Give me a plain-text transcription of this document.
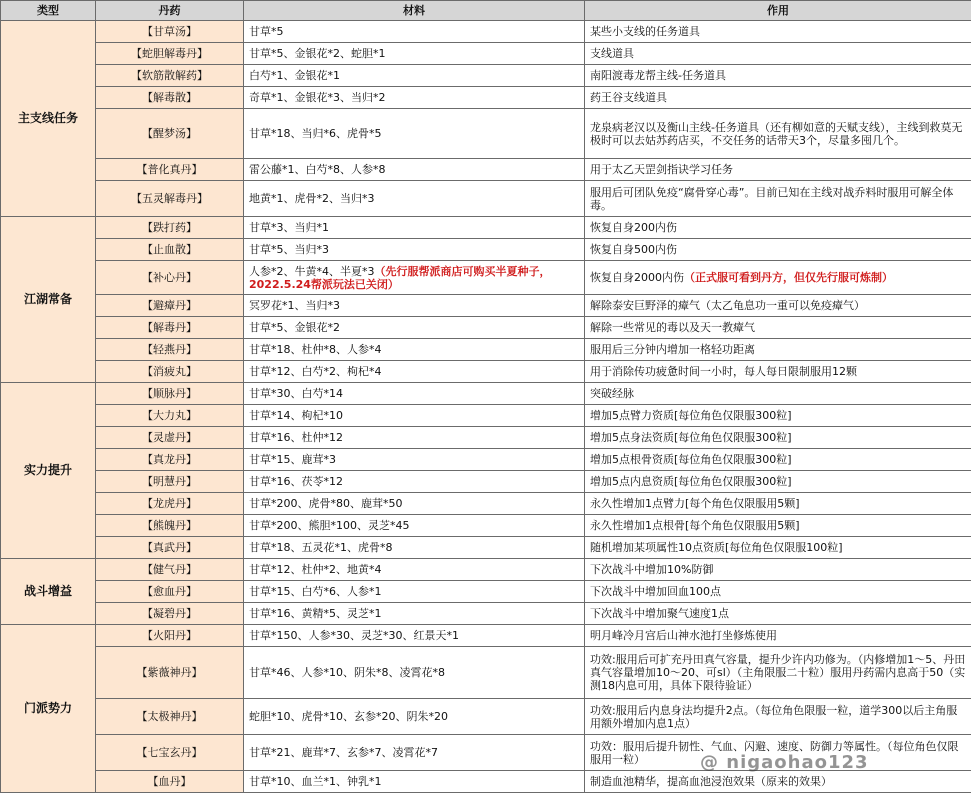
类型	丹药	材料	作用
主支线任务	【甘草汤】	甘草*5	某些小支线的任务道具
	【蛇胆解毒丹】	甘草*5、金银花*2、蛇胆*1	支线道具
	【软筋散解药】	白芍*1、金银花*1	南阳渡毒龙帮主线-任务道具
	【解毒散】	奇草*1、金银花*3、当归*2	药王谷支线道具
	【醒梦汤】	甘草*18、当归*6、虎骨*5	龙泉病老汉以及衡山主线-任务道具（还有柳如意的天赋支线），主线到救莫无极时可以去姑苏药店买，不交任务的话带天3个，尽量多囤几个。
	【普化真丹】	雷公藤*1、白芍*8、人参*8	用于太乙天罡剑指诀学习任务
	【五灵解毒丹】	地黄*1、虎骨*2、当归*3	服用后可团队免疫“腐骨穿心毒”。目前已知在主线对战乔料时服用可解全体毒。
江湖常备	【跌打药】	甘草*3、当归*1	恢复自身200内伤
	【止血散】	甘草*5、当归*3	恢复自身500内伤
	【补心丹】	人参*2、牛黄*4、半夏*3（先行服帮派商店可购买半夏种子，2022.5.24帮派玩法已关闭）	恢复自身2000内伤（正式服可看到丹方，但仅先行服可炼制）
	【避瘴丹】	冥罗花*1、当归*3	解除泰安巨野泽的瘴气（太乙龟息功一重可以免疫瘴气）
	【解毒丹】	甘草*5、金银花*2	解除一些常见的毒以及天一教瘴气
	【轻燕丹】	甘草*18、杜仲*8、人参*4	服用后三分钟内增加一格轻功距离
	【消疲丸】	甘草*12、白芍*2、枸杞*4	用于消除传功疲惫时间一小时，每人每日限制服用12颗
实力提升	【顺脉丹】	甘草*30、白芍*14	突破经脉
	【大力丸】	甘草*14、枸杞*10	增加5点臂力资质[每位角色仅限服300粒]
	【灵虚丹】	甘草*16、杜仲*12	增加5点身法资质[每位角色仅限服300粒]
	【真龙丹】	甘草*15、鹿茸*3	增加5点根骨资质[每位角色仅限服300粒]
	【明慧丹】	甘草*16、茯苓*12	增加5点内息资质[每位角色仅限服300粒]
	【龙虎丹】	甘草*200、虎骨*80、鹿茸*50	永久性增加1点臂力[每个角色仅限服用5颗]
	【熊魄丹】	甘草*200、熊胆*100、灵芝*45	永久性增加1点根骨[每个角色仅限服用5颗]
	【真武丹】	甘草*18、五灵花*1、虎骨*8	随机增加某项属性10点资质[每位角色仅限服100粒]
战斗增益	【健气丹】	甘草*12、杜仲*2、地黄*4	下次战斗中增加10%防御
	【愈血丹】	甘草*15、白芍*6、人参*1	下次战斗中增加回血100点
	【凝碧丹】	甘草*16、黄精*5、灵芝*1	下次战斗中增加聚气速度1点
门派势力	【火阳丹】	甘草*150、人参*30、灵芝*30、红景天*1	明月峰冷月宫后山神水池打坐修炼使用
	【紫薇神丹】	甘草*46、人参*10、阴朱*8、凌霄花*8	功效:服用后可扩充丹田真气容量，提升少许内功修为。（内修增加1～5、丹田真气容量增加10～20、可sl）（主角限服二十粒）服用丹药需内息高于50（实测18内息可用，具体下限待验证）
	【太极神丹】	蛇胆*10、虎骨*10、玄参*20、阴朱*20	功效:服用后内息身法均提升2点。（每位角色限服一粒，道学300以后主角服用额外增加内息1点）
	【七宝玄丹】	甘草*21、鹿茸*7、玄参*7、凌霄花*7	功效：服用后提升韧性、气血、闪避、速度、防御力等属性。（每位角色仅限服用一粒）
	【血丹】	甘草*10、血兰*1、钟乳*1	制造血池精华，提高血池浸泡效果（原来的效果）
@ nigaohao123
